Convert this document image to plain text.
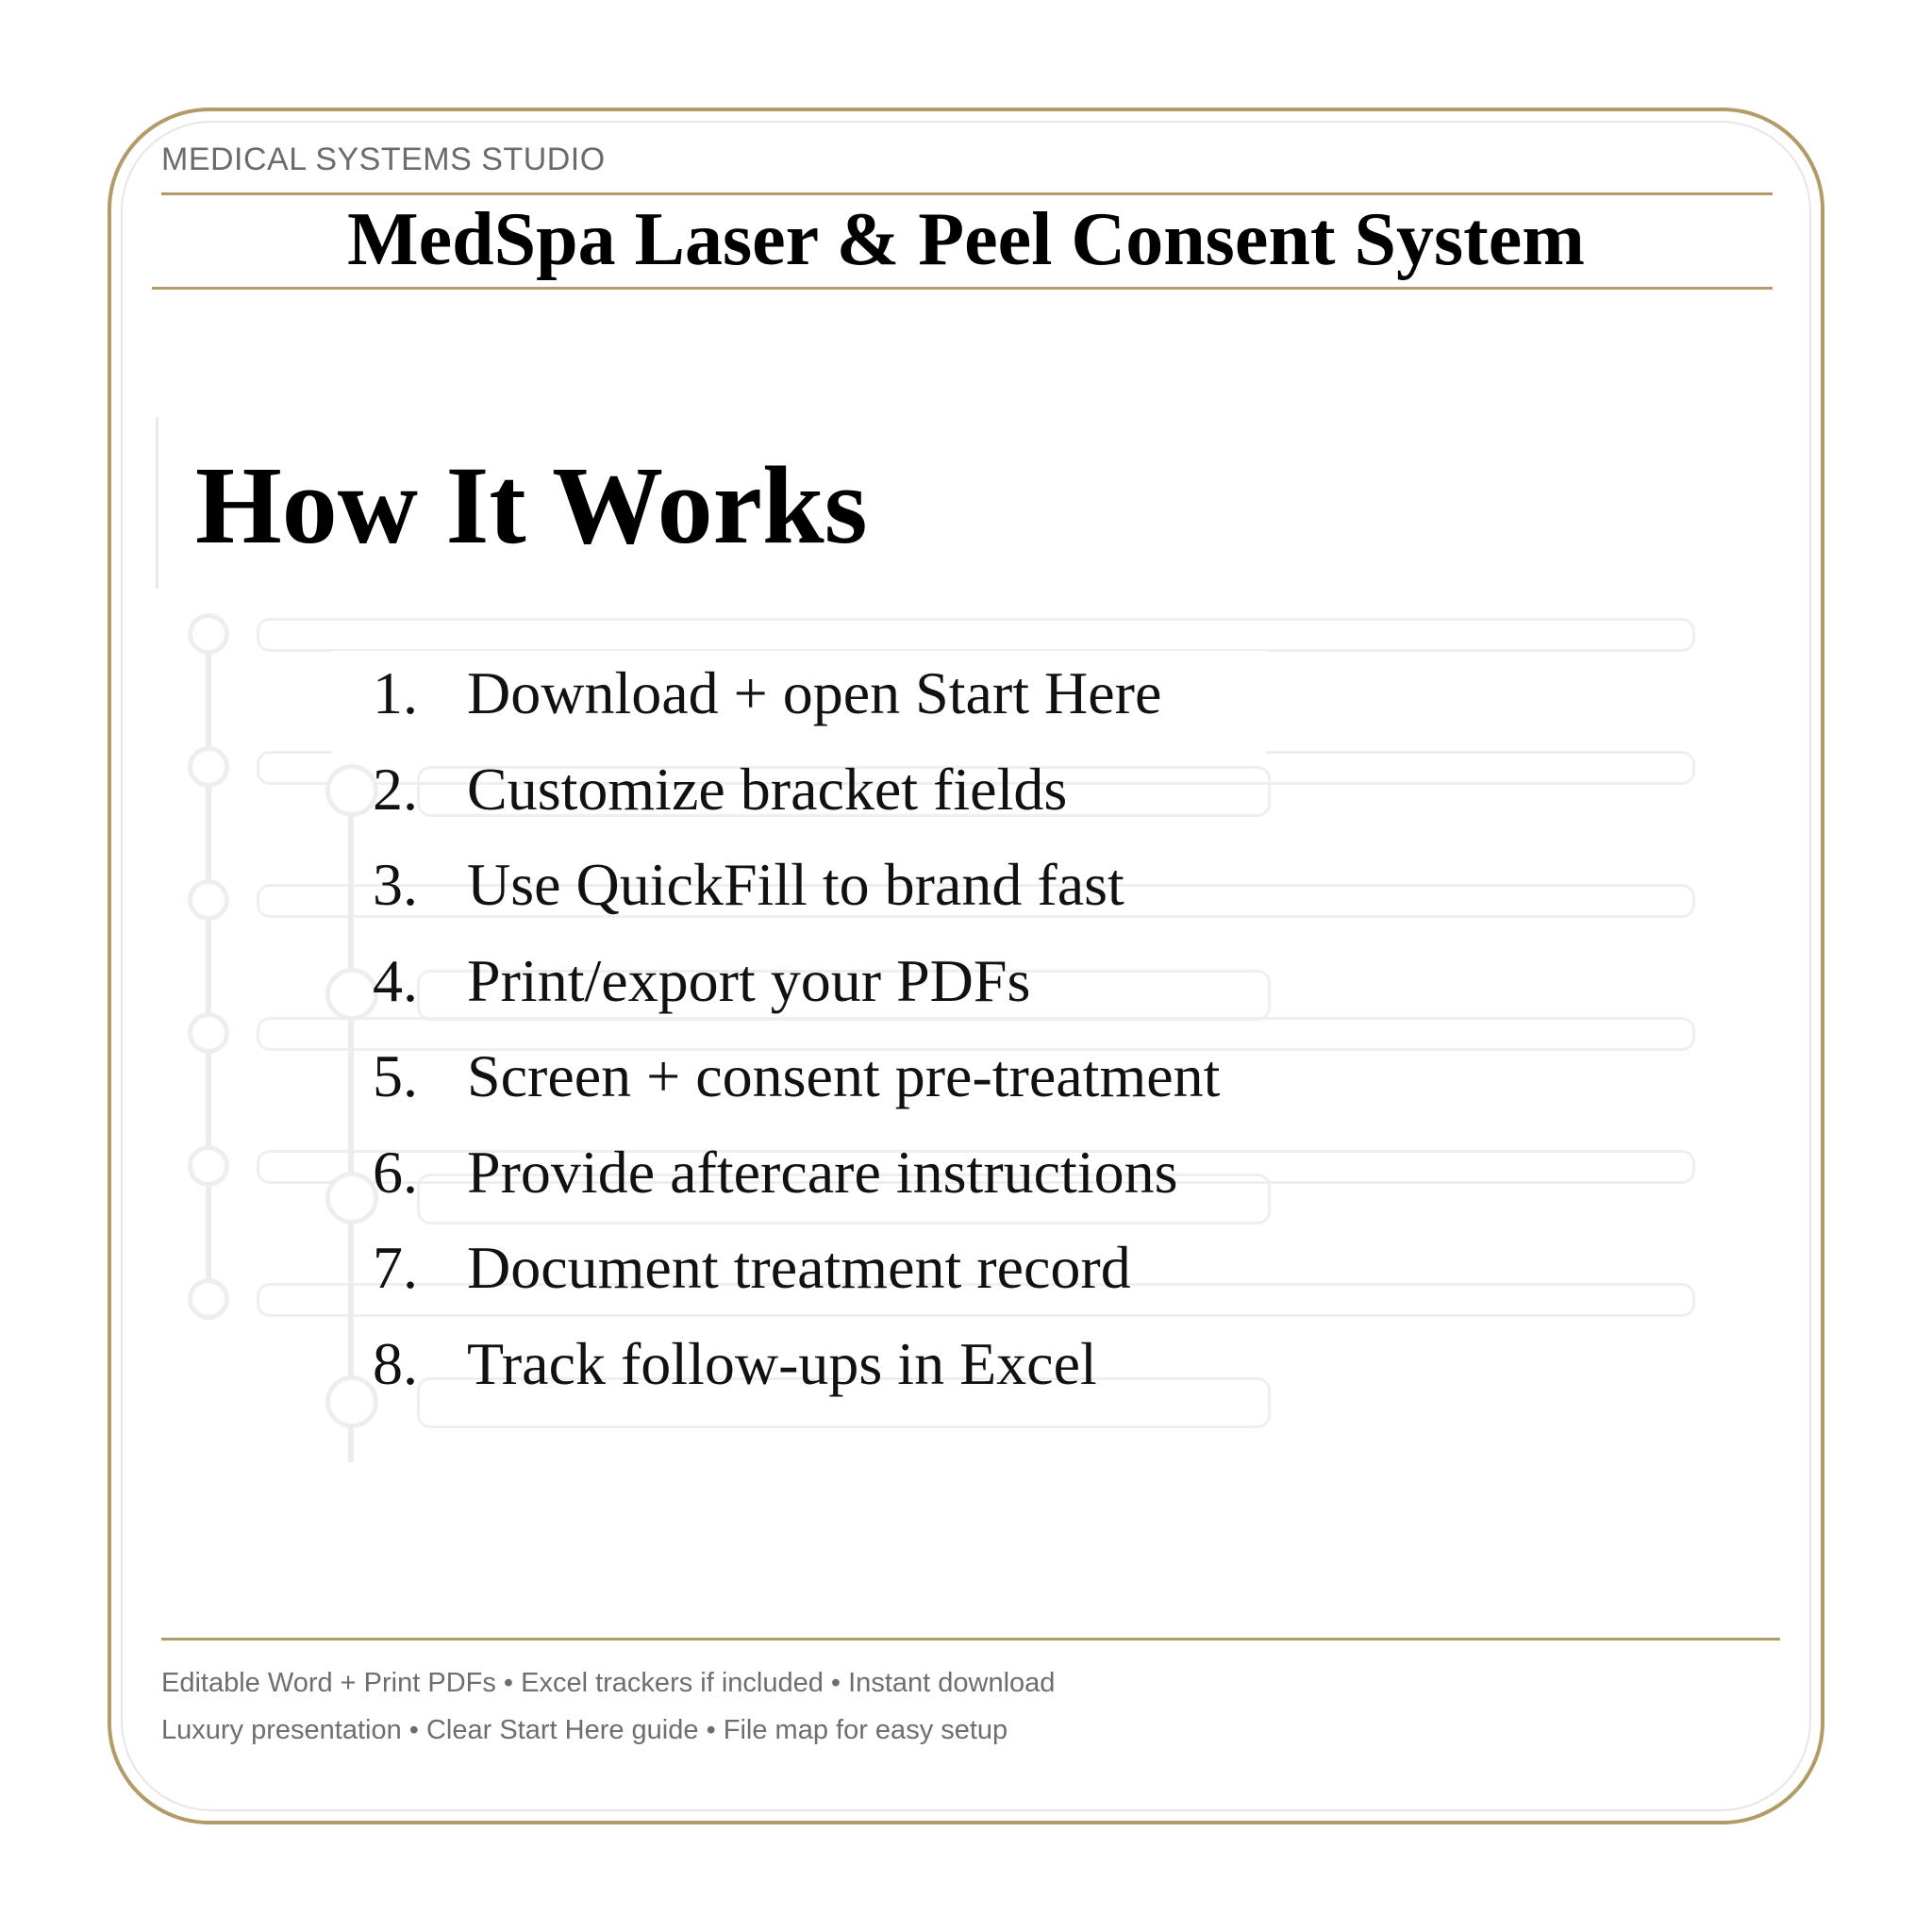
MEDICAL SYSTEMS STUDIO
MedSpa Laser & Peel Consent System
How It Works
1. Download + open Start Here
2. Customize bracket fields
3. Use QuickFill to brand fast
4. Print/export your PDFs
5. Screen + consent pre-treatment
6. Provide aftercare instructions
7. Document treatment record
8. Track follow-ups in Excel
Editable Word + Print PDFs • Excel trackers if included • Instant download
Luxury presentation • Clear Start Here guide • File map for easy setup
